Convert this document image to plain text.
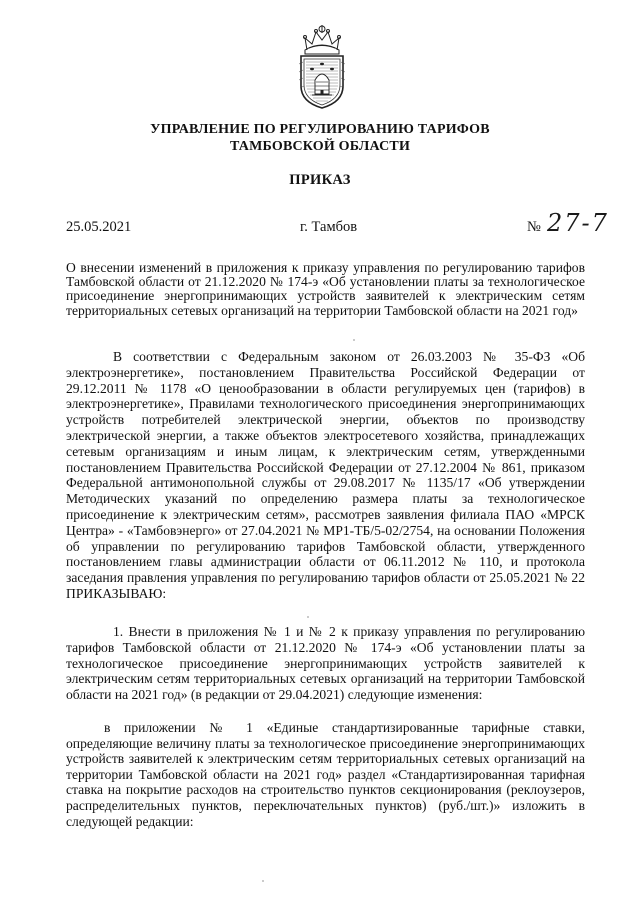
УПРАВЛЕНИЕ ПО РЕГУЛИРОВАНИЮ ТАРИФОВ
ТАМБОВСКОЙ ОБЛАСТИ
ПРИКАЗ
25.05.2021	г. Тамбов	№ 27-7

О внесении изменений в приложения к приказу управления по регулированию тарифов Тамбовской области от 21.12.2020 № 174-э «Об установлении платы за технологическое присоединение энергопринимающих устройств заявителей к электрическим сетям территориальных сетевых организаций на территории Тамбовской области на 2021 год»

В соответствии с Федеральным законом от 26.03.2003 № 35-ФЗ «Об электроэнергетике», постановлением Правительства Российской Федерации от 29.12.2011 № 1178 «О ценообразовании в области регулируемых цен (тарифов) в электроэнергетике», Правилами технологического присоединения энергопринимающих устройств потребителей электрической энергии, объектов по производству электрической энергии, а также объектов электросетевого хозяйства, принадлежащих сетевым организациям и иным лицам, к электрическим сетям, утвержденными постановлением Правительства Российской Федерации от 27.12.2004 № 861, приказом Федеральной антимонопольной службы от 29.08.2017 № 1135/17 «Об утверждении Методических указаний по определению размера платы за технологическое присоединение к электрическим сетям», рассмотрев заявления филиала ПАО «МРСК Центра» - «Тамбовэнерго» от 27.04.2021 № МР1-ТБ/5-02/2754, на основании Положения об управлении по регулированию тарифов Тамбовской области, утвержденного постановлением главы администрации области от 06.11.2012 № 110, и протокола заседания правления управления по регулированию тарифов области от 25.05.2021 № 22 ПРИКАЗЫВАЮ:

1. Внести в приложения № 1 и № 2 к приказу управления по регулированию тарифов Тамбовской области от 21.12.2020 № 174-э «Об установлении платы за технологическое присоединение энергопринимающих устройств заявителей к электрическим сетям территориальных сетевых организаций на территории Тамбовской области на 2021 год» (в редакции от 29.04.2021) следующие изменения:

в приложении № 1 «Единые стандартизированные тарифные ставки, определяющие величину платы за технологическое присоединение энергопринимающих устройств заявителей к электрическим сетям территориальных сетевых организаций на территории Тамбовской области на 2021 год» раздел «Стандартизированная тарифная ставка на покрытие расходов на строительство пунктов секционирования (реклоузеров, распределительных пунктов, переключательных пунктов) (руб./шт.)» изложить в следующей редакции:
